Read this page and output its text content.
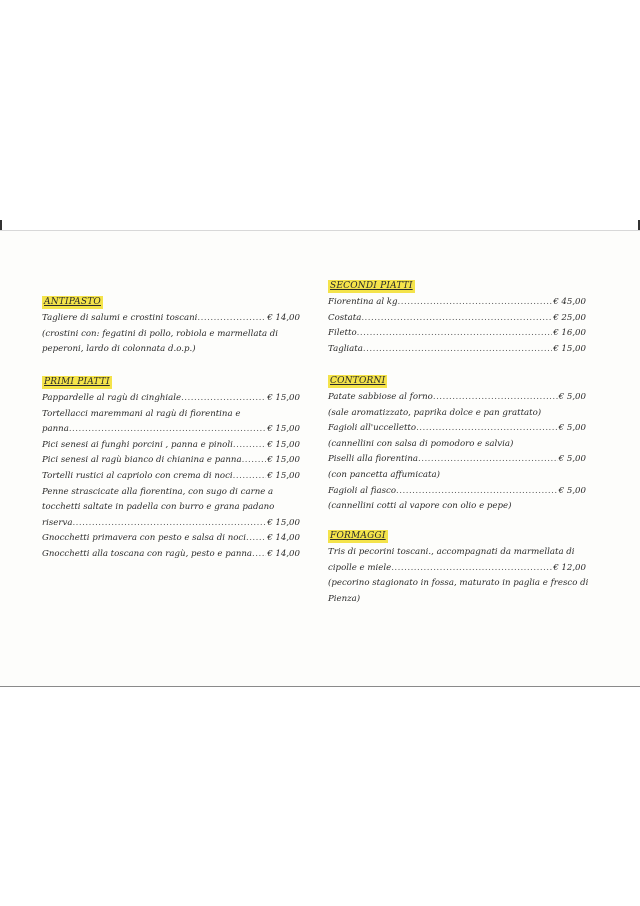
ANTIPASTO
Tagliere di salumi e crostini toscani .....	€ 14,00
(crostini con: fegatini di pollo, robiola e marmellata di
peperoni, lardo di colonnata d.o.p.)
PRIMI PIATTI
Pappardelle al ragù di cinghiale .....	€ 15,00
Tortellacci maremmani al ragù di fiorentina e
panna .....	€ 15,00
Pici senesi ai funghi porcini , panna e pinoli .....	€ 15,00
Pici senesi al ragù bianco di chianina e panna .....	€ 15,00
Tortelli rustici al capriolo con crema di noci .....	€ 15,00
Penne strascicate alla fiorentina, con sugo di carne a
tocchetti saltate in padella con burro e grana padano
riserva .....	€ 15,00
Gnocchetti primavera con pesto e salsa di noci ..... € 14,00
Gnocchetti alla toscana con ragù, pesto e panna ..... € 14,00
SECONDI PIATTI
Fiorentina al kg .....	€ 45,00
Costata .....	€ 25,00
Filetto .....	€ 16,00
Tagliata .....	€ 15,00
CONTORNI
Patate sabbiose al forno .....	€ 5,00
(sale aromatizzato, paprika dolce e pan grattato)
Fagioli all'uccelletto .....	€ 5,00
(cannellini con salsa di pomodoro e salvia)
Piselli alla fiorentina .....	€ 5,00
(con pancetta affumicata)
Fagioli al fiasco .....	€ 5,00
(cannellini cotti al vapore con olio e pepe)
FORMAGGI
Tris di pecorini toscani., accompagnati da marmellata di
cipolle e miele .....	€ 12,00
(pecorino stagionato in fossa, maturato in paglia e fresco di
Pienza)
